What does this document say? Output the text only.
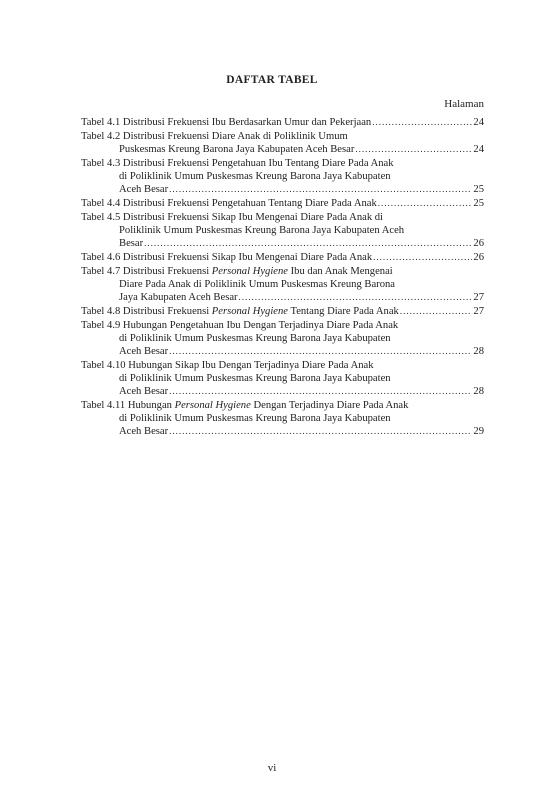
DAFTAR TABEL
Halaman
Tabel 4.1 Distribusi Frekuensi Ibu Berdasarkan Umur dan Pekerjaan .....	24
Tabel 4.2 Distribusi Frekuensi Diare Anak di Poliklinik Umum
Puskesmas Kreung Barona Jaya Kabupaten Aceh Besar .....	24
Tabel 4.3 Distribusi Frekuensi Pengetahuan Ibu Tentang Diare Pada Anak
di Poliklinik Umum Puskesmas Kreung Barona Jaya Kabupaten
Aceh Besar .....	25
Tabel 4.4 Distribusi Frekuensi Pengetahuan Tentang Diare Pada Anak .....	25
Tabel 4.5 Distribusi Frekuensi Sikap Ibu Mengenai Diare Pada Anak di
Poliklinik Umum Puskesmas Kreung Barona Jaya Kabupaten Aceh
Besar .....	26
Tabel 4.6 Distribusi Frekuensi Sikap Ibu Mengenai Diare Pada Anak .....	26
Tabel 4.7 Distribusi Frekuensi Personal Hygiene Ibu dan Anak Mengenai
Diare Pada Anak di Poliklinik Umum Puskesmas Kreung Barona
Jaya Kabupaten Aceh Besar .....	27
Tabel 4.8 Distribusi Frekuensi Personal Hygiene Tentang Diare Pada Anak .....	27
Tabel 4.9 Hubungan Pengetahuan Ibu Dengan Terjadinya Diare Pada Anak
di Poliklinik Umum Puskesmas Kreung Barona Jaya Kabupaten
Aceh Besar .....	28
Tabel 4.10 Hubungan Sikap Ibu Dengan Terjadinya Diare Pada Anak
di Poliklinik Umum Puskesmas Kreung Barona Jaya Kabupaten
Aceh Besar .....	28
Tabel 4.11 Hubungan Personal Hygiene Dengan Terjadinya Diare Pada Anak
di Poliklinik Umum Puskesmas Kreung Barona Jaya Kabupaten
Aceh Besar .....	29
vi
